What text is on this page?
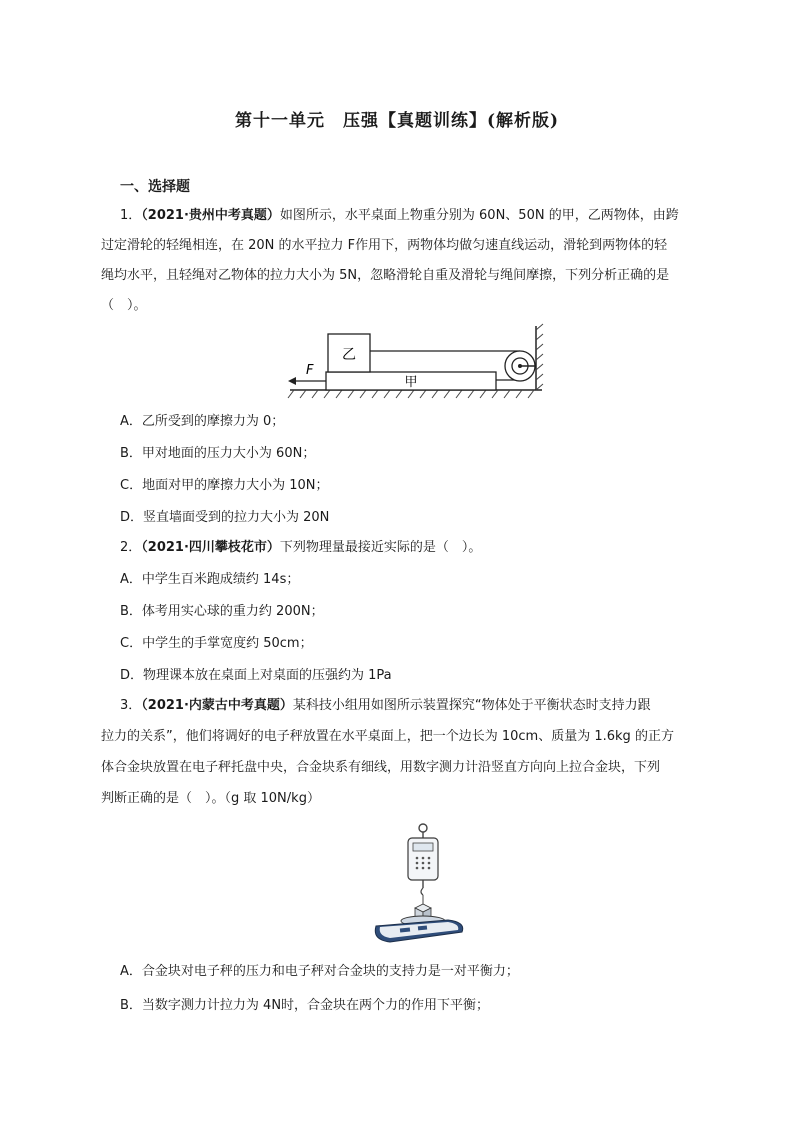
第十一单元　压强【真题训练】(解析版)
一、选择题
1．（2021·贵州中考真题）如图所示，水平桌面上物重分别为 60N、50N 的甲，乙两物体，由跨
过定滑轮的轻绳相连，在 20N 的水平拉力 F作用下，两物体均做匀速直线运动，滑轮到两物体的轻
绳均水平，且轻绳对乙物体的拉力大小为 5N，忽略滑轮自重及滑轮与绳间摩擦，下列分析正确的是
（　）。
甲
乙
F
A．乙所受到的摩擦力为 0；
B．甲对地面的压力大小为 60N；
C．地面对甲的摩擦力大小为 10N；
D．竖直墙面受到的拉力大小为 20N
2．（2021·四川攀枝花市）下列物理量最接近实际的是（　）。
A．中学生百米跑成绩约 14s；
B．体考用实心球的重力约 200N；
C．中学生的手掌宽度约 50cm；
D．物理课本放在桌面上对桌面的压强约为 1Pa
3．（2021·内蒙古中考真题）某科技小组用如图所示装置探究“物体处于平衡状态时支持力跟
拉力的关系”，他们将调好的电子秤放置在水平桌面上，把一个边长为 10cm、质量为 1.6kg 的正方
体合金块放置在电子秤托盘中央，合金块系有细线，用数字测力计沿竖直方向向上拉合金块，下列
判断正确的是（　）。（g 取 10N/kg）
A．合金块对电子秤的压力和电子秤对合金块的支持力是一对平衡力；
B．当数字测力计拉力为 4N时，合金块在两个力的作用下平衡；
